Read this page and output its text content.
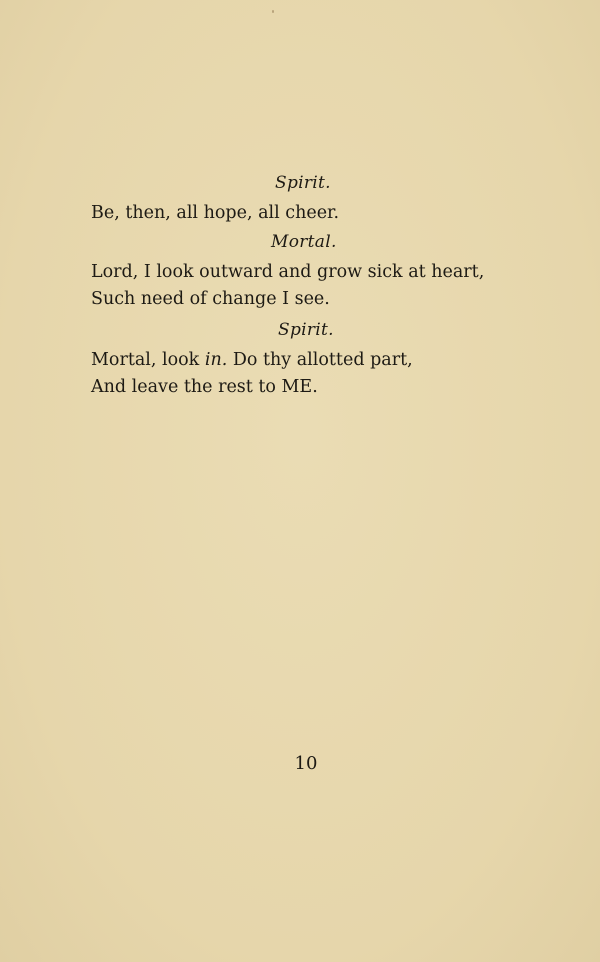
Spirit.
Be, then, all hope, all cheer.
Mortal.
Lord, I look outward and grow sick at heart,
Such need of change I see.
Spirit.
Mortal, look in. Do thy allotted part,
And leave the rest to ME.
10
